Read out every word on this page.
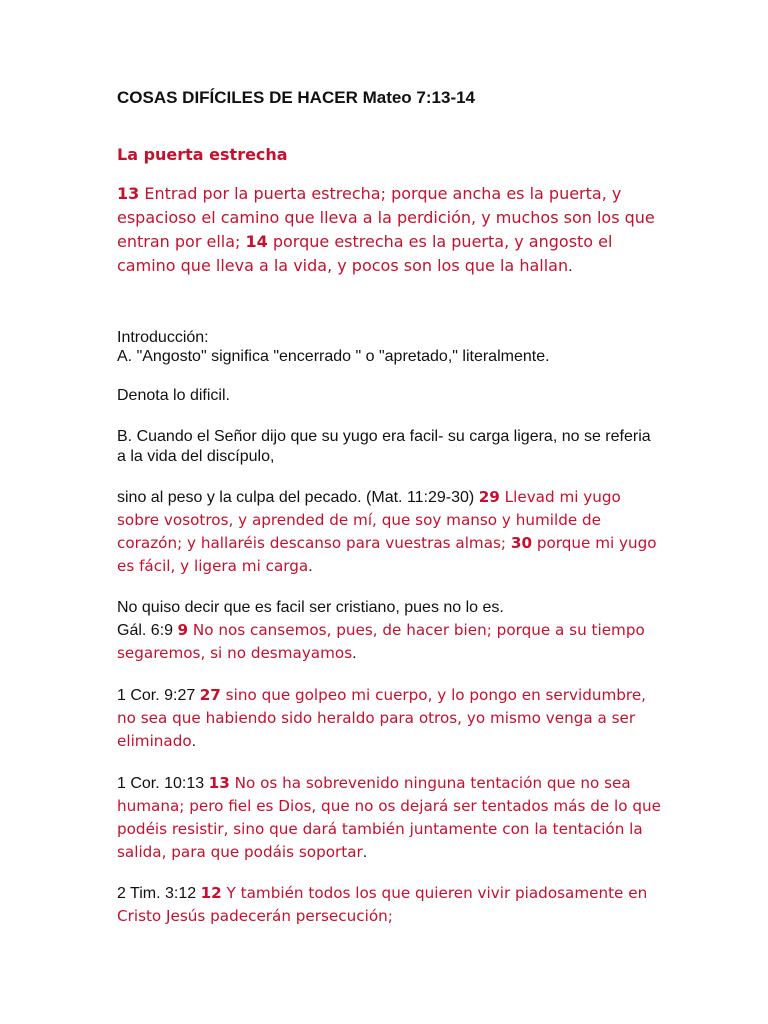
COSAS DIFÍCILES DE HACER Mateo 7:13-14
La puerta estrecha
13 Entrad por la puerta estrecha; porque ancha es la puerta, y espacioso el camino que lleva a la perdición, y muchos son los que entran por ella; 14 porque estrecha es la puerta, y angosto el camino que lleva a la vida, y pocos son los que la hallan.
Introducción:
A. "Angosto" significa "encerrado " o "apretado," literalmente.
Denota lo dificil.
B. Cuando el Señor dijo que su yugo era facil- su carga ligera, no se referia a la vida del discípulo,
sino al peso y la culpa del pecado. (Mat. 11:29-30) 29 Llevad mi yugo sobre vosotros, y aprended de mí, que soy manso y humilde de corazón; y hallaréis descanso para vuestras almas; 30 porque mi yugo es fácil, y ligera mi carga.
No quiso decir que es facil ser cristiano, pues no lo es.
Gál. 6:9 9 No nos cansemos, pues, de hacer bien; porque a su tiempo segaremos, si no desmayamos.
1 Cor. 9:27 27 sino que golpeo mi cuerpo, y lo pongo en servidumbre, no sea que habiendo sido heraldo para otros, yo mismo venga a ser eliminado.
1 Cor. 10:13 13 No os ha sobrevenido ninguna tentación que no sea humana; pero fiel es Dios, que no os dejará ser tentados más de lo que podéis resistir, sino que dará también juntamente con la tentación la salida, para que podáis soportar.
2 Tim. 3:12 12 Y también todos los que quieren vivir piadosamente en Cristo Jesús padecerán persecución;
